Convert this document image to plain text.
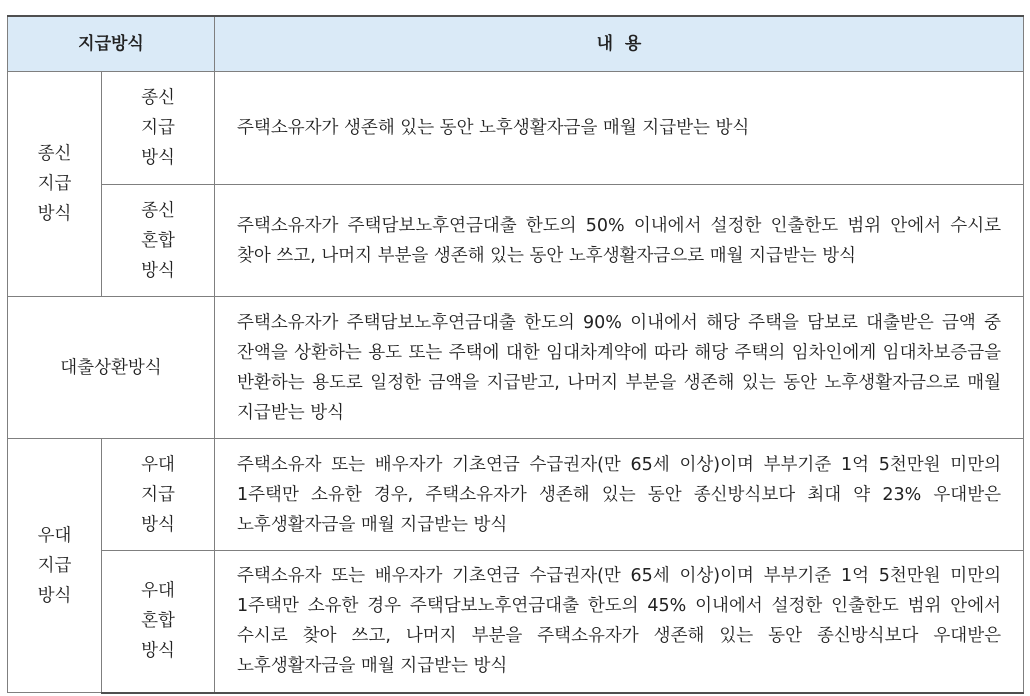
지급방식		내  용
종신 지급 방식	종신 지급 방식	주택소유자가 생존해 있는 동안 노후생활자금을 매월 지급받는 방식

	종신 혼합 방식	주택소유자가 주택담보노후연금대출 한도의 50% 이내에서 설정한 인출한도 범위 안에서 수시로 찾아 쓰고, 나머지 부분을 생존해 있는 동안 노후생활자금으로 매월 지급받는 방식

대출상환방식		주택소유자가 주택담보노후연금대출 한도의 90% 이내에서 해당 주택을 담보로 대출받은 금액 중 잔액을 상환하는 용도 또는 주택에 대한 임대차계약에 따라 해당 주택의 임차인에게 임대차보증금을 반환하는 용도로 일정한 금액을 지급받고, 나머지 부분을 생존해 있는 동안 노후생활자금으로 매월 지급받는 방식

우대 지급 방식	우대 지급 방식	주택소유자 또는 배우자가 기초연금 수급권자(만 65세 이상)이며 부부기준 1억 5천만원 미만의 1주택만 소유한 경우, 주택소유자가 생존해 있는 동안 종신방식보다 최대 약 23% 우대받은 노후생활자금을 매월 지급받는 방식

	우대 혼합 방식	주택소유자 또는 배우자가 기초연금 수급권자(만 65세 이상)이며 부부기준 1억 5천만원 미만의 1주택만 소유한 경우 주택담보노후연금대출 한도의 45% 이내에서 설정한 인출한도 범위 안에서 수시로 찾아 쓰고, 나머지 부분을 주택소유자가 생존해 있는 동안 종신방식보다 우대받은 노후생활자금을 매월 지급받는 방식
